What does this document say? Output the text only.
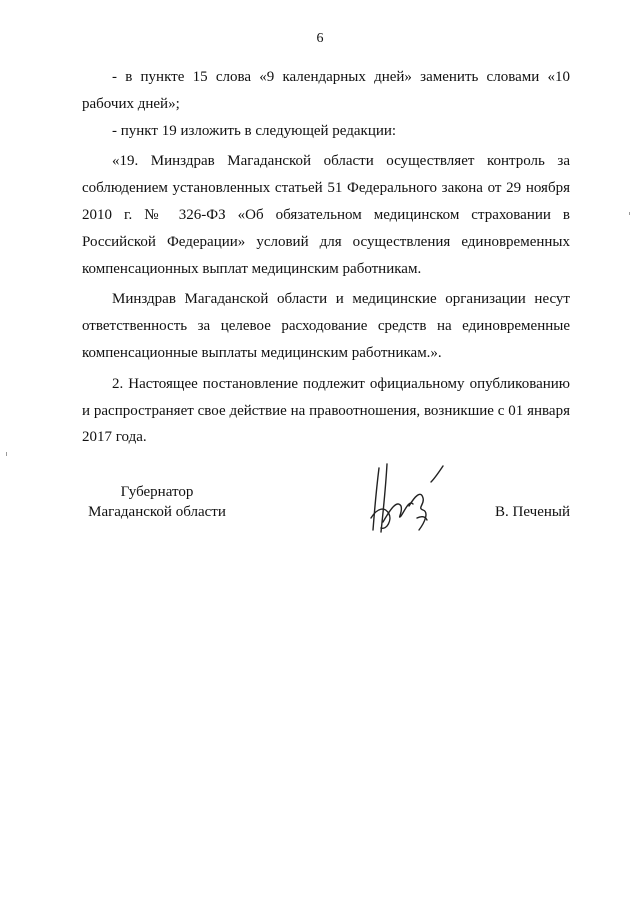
6

- в пункте 15 слова «9 календарных дней» заменить словами «10 рабочих дней»;

- пункт 19 изложить в следующей редакции:

«19. Минздрав Магаданской области осуществляет контроль за соблюдением установленных статьей 51 Федерального закона от 29 ноября 2010 г. № 326-ФЗ «Об обязательном медицинском страховании в Российской Федерации» условий для осуществления единовременных компенсационных выплат медицинским работникам.

Минздрав Магаданской области и медицинские организации несут ответственность за целевое расходование средств на единовременные компенсационные выплаты медицинским работникам.».

2. Настоящее постановление подлежит официальному опубликованию и распространяет свое действие на правоотношения, возникшие с 01 января 2017 года.

Губернатор
Магаданской области	В. Печеный
